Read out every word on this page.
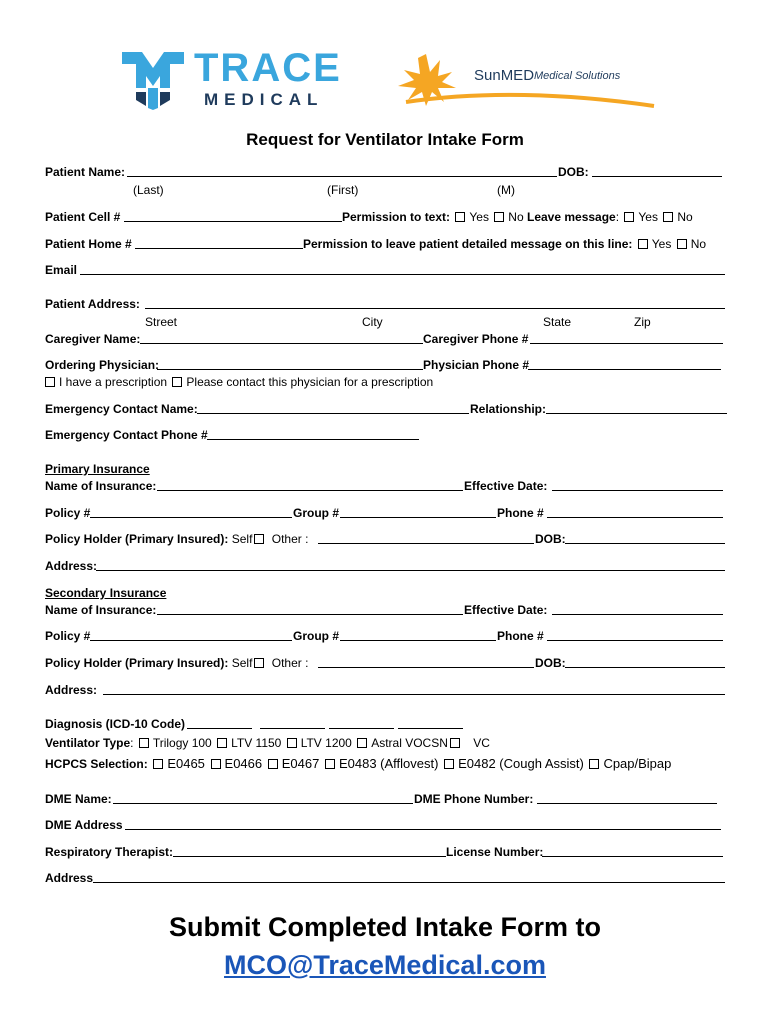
TRACE
MEDICAL
SunMED Medical Solutions
Request for Ventilator Intake Form
Patient Name:	DOB:
(Last)	(First)	(M)
Patient Cell #	Permission to text: Yes No Leave message: Yes No
Patient Home #	Permission to leave patient detailed message on this line: Yes No
Email
Patient Address:
Street	City	State	Zip
Caregiver Name:	Caregiver Phone #
Ordering Physician:	Physician Phone #
I have a prescription Please contact this physician for a prescription
Emergency Contact Name:	Relationship:
Emergency Contact Phone #
Primary Insurance
Name of Insurance:	Effective Date:
Policy #	Group #	Phone #
Policy Holder (Primary Insured): Self Other :	DOB:
Address:
Secondary Insurance
Name of Insurance:	Effective Date:
Policy #	Group #	Phone #
Policy Holder (Primary Insured): Self Other :	DOB:
Address:
Diagnosis (ICD-10 Code)
Ventilator Type: Trilogy 100 LTV 1150 LTV 1200 Astral VOCSN VC
HCPCS Selection: E0465 E0466 E0467 E0483 (Afflovest) E0482 (Cough Assist) Cpap/Bipap
DME Name:	DME Phone Number:
DME Address
Respiratory Therapist:	License Number:
Address
Submit Completed Intake Form to
MCO@TraceMedical.com
